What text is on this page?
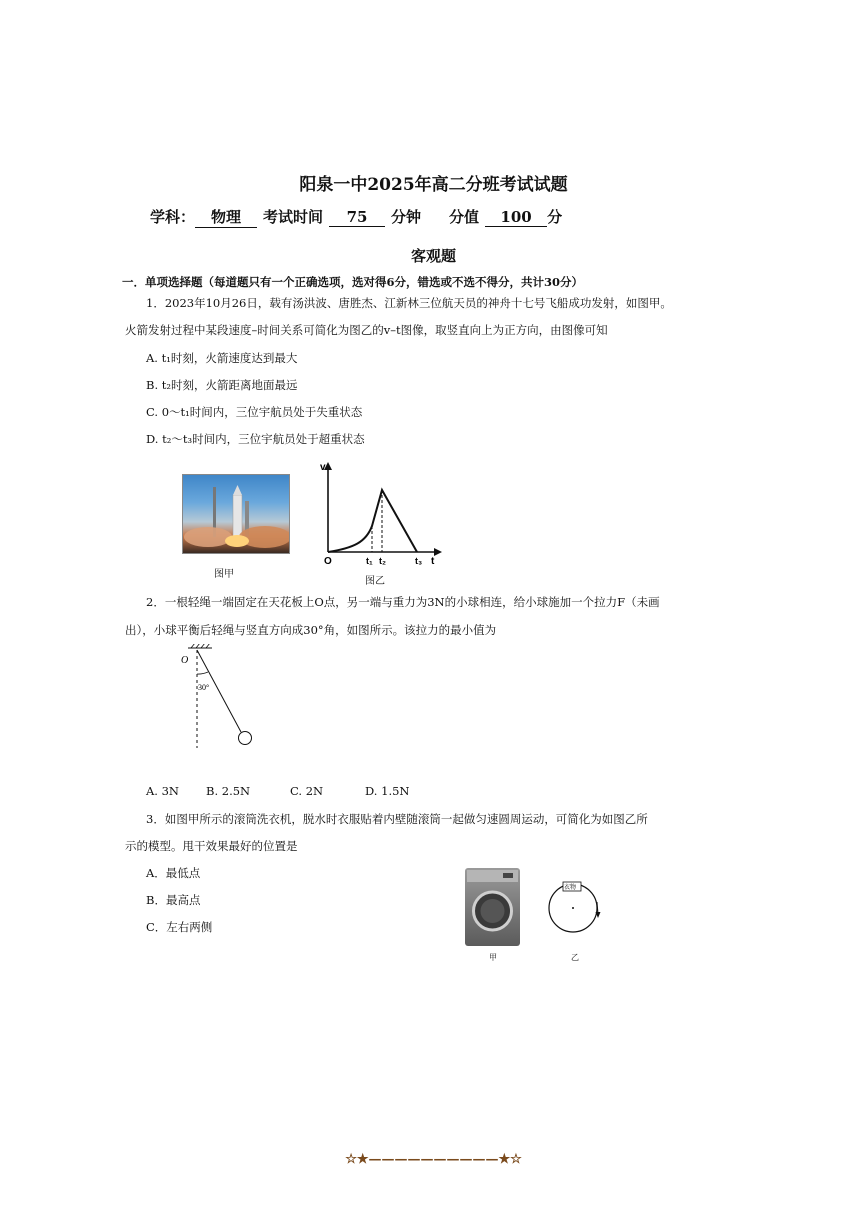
阳泉一中2025年高二分班考试试题
学科： 物理 考试时间 75 分钟 分值 100 分
客观题
一．单项选择题（每道题只有一个正确选项，选对得6分，错选或不选不得分，共计30分）
1．2023年10月26日，载有汤洪波、唐胜杰、江新林三位航天员的神舟十七号飞船成功发射，如图甲。
火箭发射过程中某段速度–时间关系可简化为图乙的v–t图像，取竖直向上为正方向，由图像可知
A. t₁时刻，火箭速度达到最大
B. t₂时刻，火箭距离地面最远
C. 0～t₁时间内，三位宇航员处于失重状态
D. t₂～t₃时间内，三位宇航员处于超重状态
图甲
v
O	t₁ t₂	t₃ t
图乙
2．一根轻绳一端固定在天花板上O点，另一端与重力为3N的小球相连，给小球施加一个拉力F（未画
出），小球平衡后轻绳与竖直方向成30°角，如图所示。该拉力的最小值为
O
30°
A. 3N B. 2.5N	C. 2N	D. 1.5N
3．如图甲所示的滚筒洗衣机，脱水时衣服贴着内壁随滚筒一起做匀速圆周运动，可简化为如图乙所
示的模型。甩干效果最好的位置是
A．最低点
B．最高点
C．左右两侧
甲
衣物
乙
☆★——————————★☆
